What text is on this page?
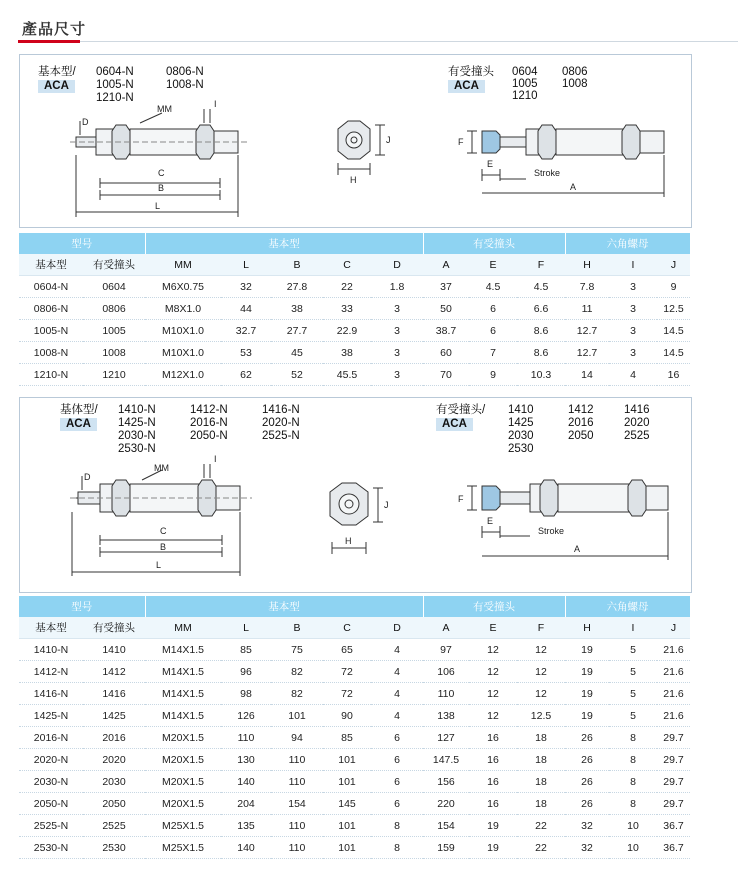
產品尺寸
基本型/
ACA
0604-N	0806-N
1005-N	1008-N
1210-N
有受撞头
ACA
0604 0806
1005 1008
1210
D
MM	I
C
B
L
J
H
F
E
Stroke
A
型号		基本型					有受撞头			六角螺母		
基本型	有受撞头	MM	L	B	C	D	A	E	F	H	I	J
0604-N	0604	M6X0.75	32	27.8	22	1.8	37	4.5	4.5	7.8	3	9
0806-N	0806	M8X1.0	44	38	33	3	50	6	6.6	11	3	12.5
1005-N	1005	M10X1.0	32.7	27.7	22.9	3	38.7	6	8.6	12.7	3	14.5
1008-N	1008	M10X1.0	53	45	38	3	60	7	8.6	12.7	3	14.5
1210-N	1210	M12X1.0	62	52	45.5	3	70	9	10.3	14	4	16
基体型/
ACA
1410-N	1412-N	1416-N
1425-N	2016-N	2020-N
2030-N	2050-N	2525-N
2530-N
有受撞头/
ACA
1410	1412	1416
1425	2016	2020
2030	2050	2525
2530
D
MM
I
C
B
L
J
H
F
E
Stroke
A
型号		基本型					有受撞头			六角螺母		
基本型	有受撞头	MM	L	B	C	D	A	E	F	H	I	J
1410-N	1410	M14X1.5	85	75	65	4	97	12	12	19	5	21.6
1412-N	1412	M14X1.5	96	82	72	4	106	12	12	19	5	21.6
1416-N	1416	M14X1.5	98	82	72	4	110	12	12	19	5	21.6
1425-N	1425	M14X1.5	126	101	90	4	138	12	12.5	19	5	21.6
2016-N	2016	M20X1.5	110	94	85	6	127	16	18	26	8	29.7
2020-N	2020	M20X1.5	130	110	101	6	147.5	16	18	26	8	29.7
2030-N	2030	M20X1.5	140	110	101	6	156	16	18	26	8	29.7
2050-N	2050	M20X1.5	204	154	145	6	220	16	18	26	8	29.7
2525-N	2525	M25X1.5	135	110	101	8	154	19	22	32	10	36.7
2530-N	2530	M25X1.5	140	110	101	8	159	19	22	32	10	36.7
